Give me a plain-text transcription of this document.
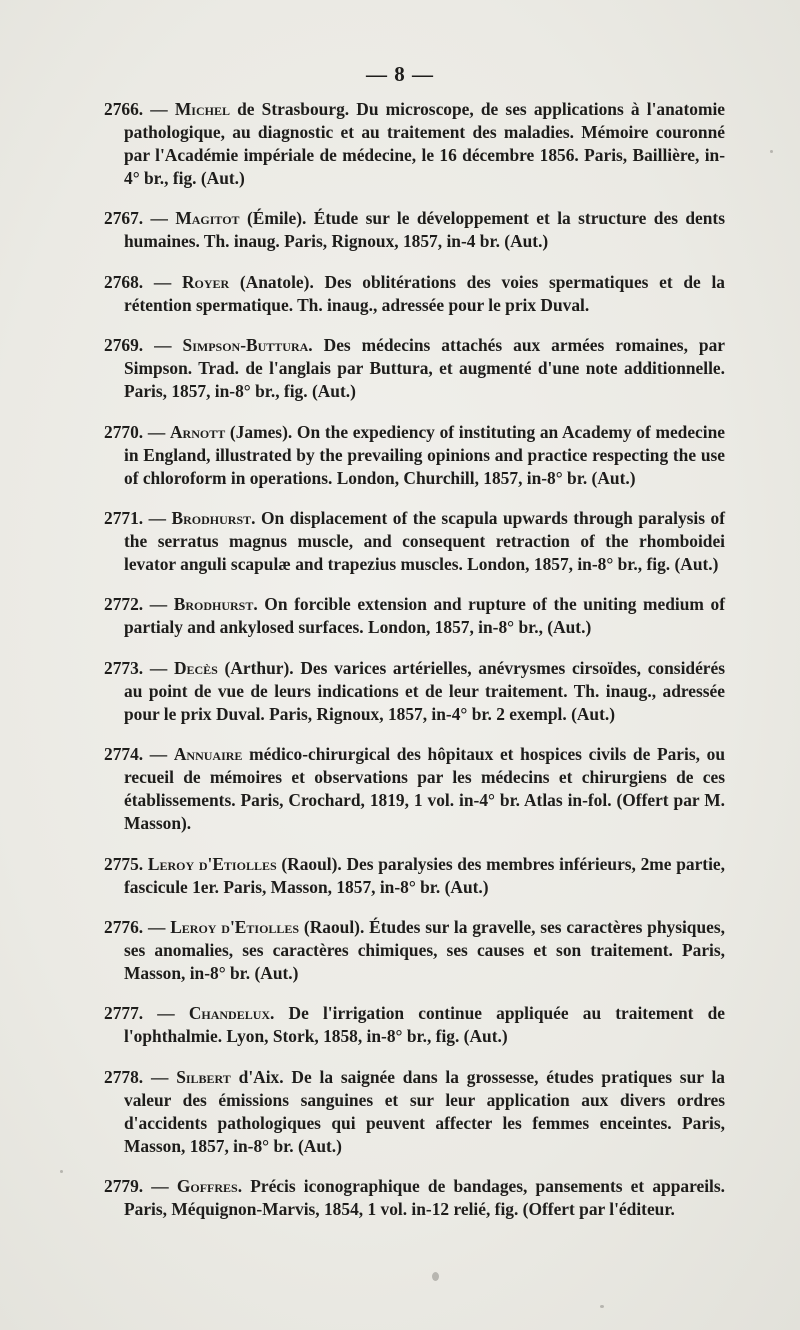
— 8 —

2766. — Michel de Strasbourg. Du microscope, de ses applications à l'anatomie pathologique, au diagnostic et au traitement des maladies. Mémoire couronné par l'Académie impériale de médecine, le 16 décembre 1856. Paris, Baillière, in-4° br., fig. (Aut.)

2767. — Magitot (Émile). Étude sur le développement et la structure des dents humaines. Th. inaug. Paris, Rignoux, 1857, in-4 br. (Aut.)

2768. — Royer (Anatole). Des oblitérations des voies spermatiques et de la rétention spermatique. Th. inaug., adressée pour le prix Duval.

2769. — Simpson-Buttura. Des médecins attachés aux armées romaines, par Simpson. Trad. de l'anglais par Buttura, et augmenté d'une note additionnelle. Paris, 1857, in-8° br., fig. (Aut.)

2770. — Arnott (James). On the expediency of instituting an Academy of medecine in England, illustrated by the prevailing opinions and practice respecting the use of chloroform in operations. London, Churchill, 1857, in-8° br. (Aut.)

2771. — Brodhurst. On displacement of the scapula upwards through paralysis of the serratus magnus muscle, and consequent retraction of the rhomboidei levator anguli scapulæ and trapezius muscles. London, 1857, in-8° br., fig. (Aut.)

2772. — Brodhurst. On forcible extension and rupture of the uniting medium of partialy and ankylosed surfaces. London, 1857, in-8° br., (Aut.)

2773. — Decès (Arthur). Des varices artérielles, anévrysmes cirsoïdes, considérés au point de vue de leurs indications et de leur traitement. Th. inaug., adressée pour le prix Duval. Paris, Rignoux, 1857, in-4° br. 2 exempl. (Aut.)

2774. — Annuaire médico-chirurgical des hôpitaux et hospices civils de Paris, ou recueil de mémoires et observations par les médecins et chirurgiens de ces établissements. Paris, Crochard, 1819, 1 vol. in-4° br. Atlas in-fol. (Offert par M. Masson).

2775. Leroy d'Etiolles (Raoul). Des paralysies des membres inférieurs, 2me partie, fascicule 1er. Paris, Masson, 1857, in-8° br. (Aut.)

2776. — Leroy d'Etiolles (Raoul). Études sur la gravelle, ses caractères physiques, ses anomalies, ses caractères chimiques, ses causes et son traitement. Paris, Masson, in-8° br. (Aut.)

2777. — Chandelux. De l'irrigation continue appliquée au traitement de l'ophthalmie. Lyon, Stork, 1858, in-8° br., fig. (Aut.)

2778. — Silbert d'Aix. De la saignée dans la grossesse, études pratiques sur la valeur des émissions sanguines et sur leur application aux divers ordres d'accidents pathologiques qui peuvent affecter les femmes enceintes. Paris, Masson, 1857, in-8° br. (Aut.)

2779. — Goffres. Précis iconographique de bandages, pansements et appareils. Paris, Méquignon-Marvis, 1854, 1 vol. in-12 relié, fig. (Offert par l'éditeur.
